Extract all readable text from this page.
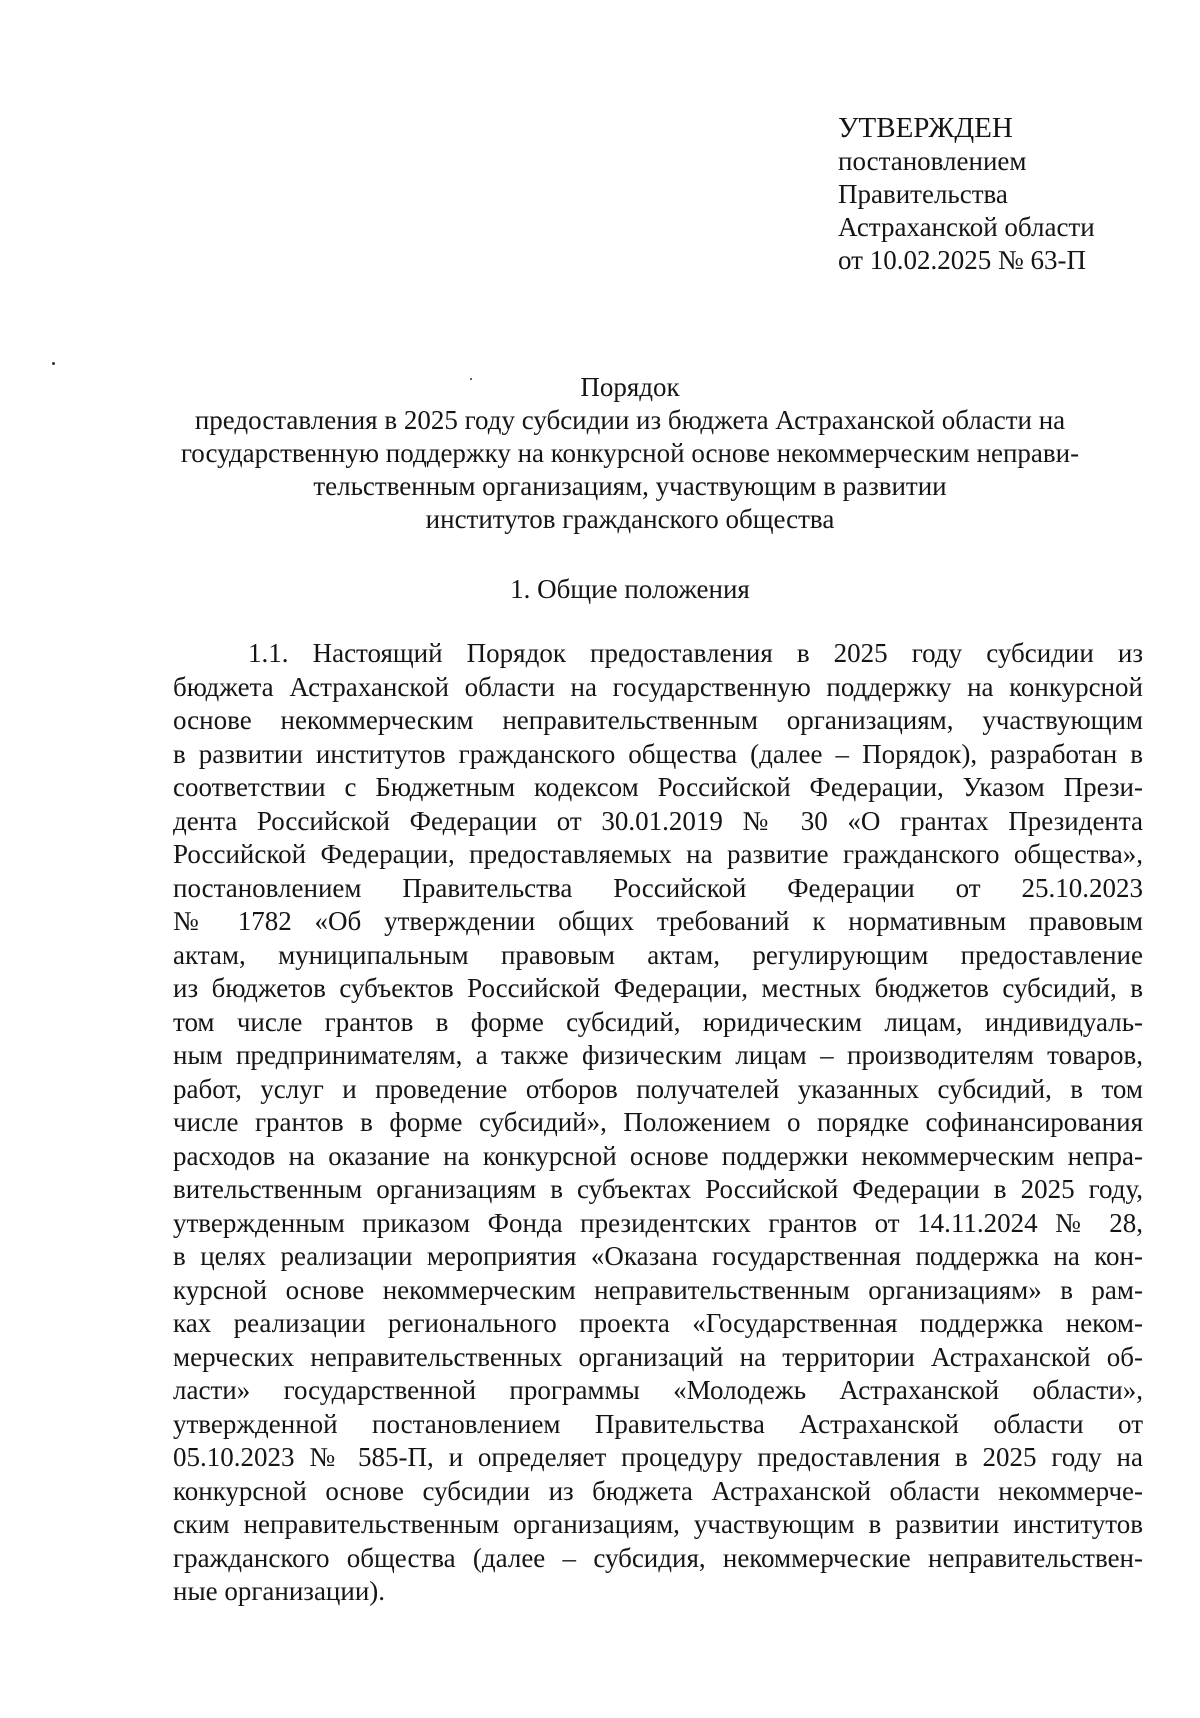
УТВЕРЖДЕН
постановлением
Правительства
Астраханской области
от 10.02.2025 № 63-П
Порядок
предоставления в 2025 году субсидии из бюджета Астраханской области на
государственную поддержку на конкурсной основе некоммерческим неправи-
тельственным организациям, участвующим в развитии
институтов гражданского общества
1. Общие положения
1.1. Настоящий Порядок предоставления в 2025 году субсидии из
бюджета Астраханской области на государственную поддержку на конкурсной
основе некоммерческим неправительственным организациям, участвующим
в развитии институтов гражданского общества (далее – Порядок), разработан в
соответствии с Бюджетным кодексом Российской Федерации, Указом Прези-
дента Российской Федерации от 30.01.2019 № 30 «О грантах Президента
Российской Федерации, предоставляемых на развитие гражданского общества»,
постановлением Правительства Российской Федерации от 25.10.2023
№ 1782 «Об утверждении общих требований к нормативным правовым
актам, муниципальным правовым актам, регулирующим предоставление
из бюджетов субъектов Российской Федерации, местных бюджетов субсидий, в
том числе грантов в форме субсидий, юридическим лицам, индивидуаль-
ным предпринимателям, а также физическим лицам – производителям товаров,
работ, услуг и проведение отборов получателей указанных субсидий, в том
числе грантов в форме субсидий», Положением о порядке софинансирования
расходов на оказание на конкурсной основе поддержки некоммерческим непра-
вительственным организациям в субъектах Российской Федерации в 2025 году,
утвержденным приказом Фонда президентских грантов от 14.11.2024 № 28,
в целях реализации мероприятия «Оказана государственная поддержка на кон-
курсной основе некоммерческим неправительственным организациям» в рам-
ках реализации регионального проекта «Государственная поддержка неком-
мерческих неправительственных организаций на территории Астраханской об-
ласти» государственной программы «Молодежь Астраханской области»,
утвержденной постановлением Правительства Астраханской области от
05.10.2023 № 585-П, и определяет процедуру предоставления в 2025 году на
конкурсной основе субсидии из бюджета Астраханской области некоммерче-
ским неправительственным организациям, участвующим в развитии институтов
гражданского общества (далее – субсидия, некоммерческие неправительствен-
ные организации).
